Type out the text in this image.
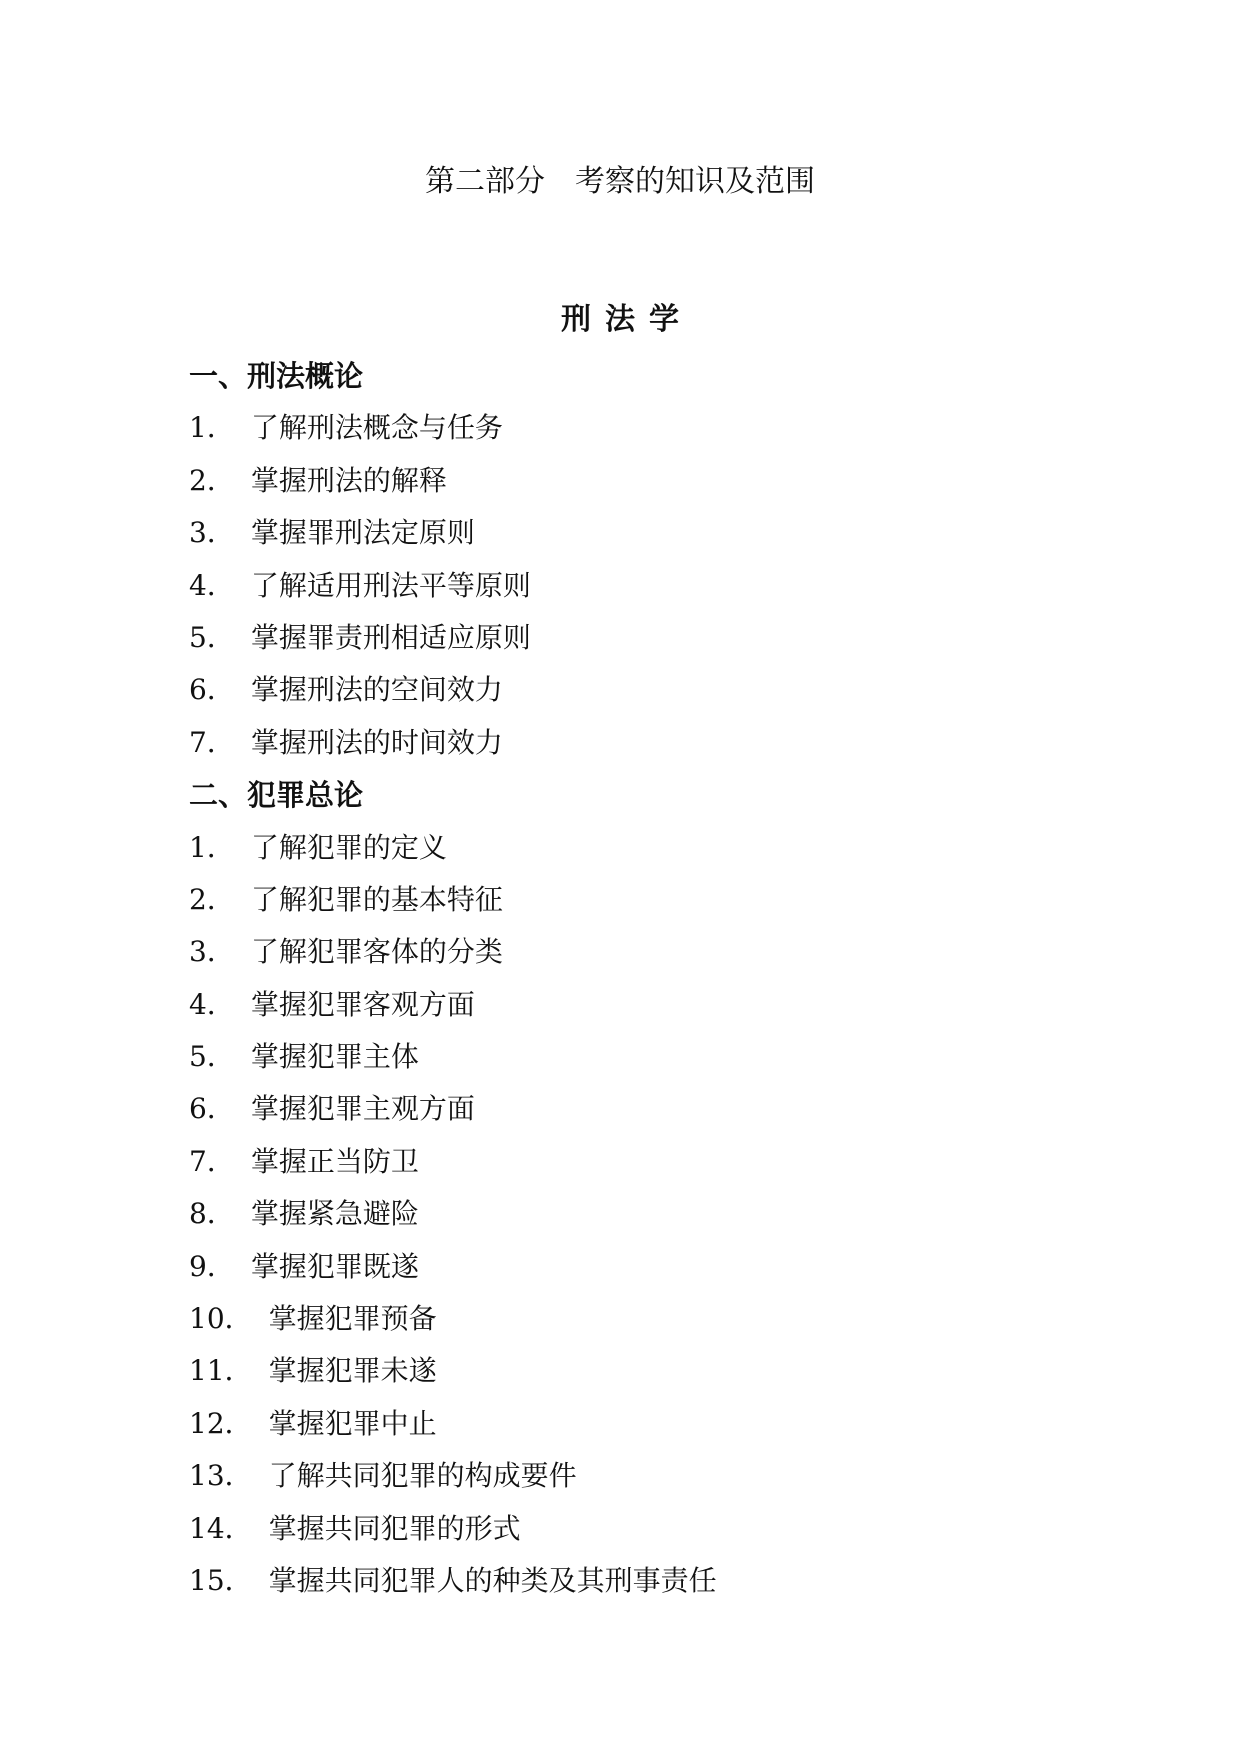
第二部分　考察的知识及范围
刑法学
一、刑法概论
1． 了解刑法概念与任务
2． 掌握刑法的解释
3． 掌握罪刑法定原则
4． 了解适用刑法平等原则
5． 掌握罪责刑相适应原则
6． 掌握刑法的空间效力
7． 掌握刑法的时间效力
二、犯罪总论
1． 了解犯罪的定义
2． 了解犯罪的基本特征
3． 了解犯罪客体的分类
4． 掌握犯罪客观方面
5． 掌握犯罪主体
6． 掌握犯罪主观方面
7． 掌握正当防卫
8． 掌握紧急避险
9． 掌握犯罪既遂
10． 掌握犯罪预备
11． 掌握犯罪未遂
12． 掌握犯罪中止
13． 了解共同犯罪的构成要件
14． 掌握共同犯罪的形式
15． 掌握共同犯罪人的种类及其刑事责任
